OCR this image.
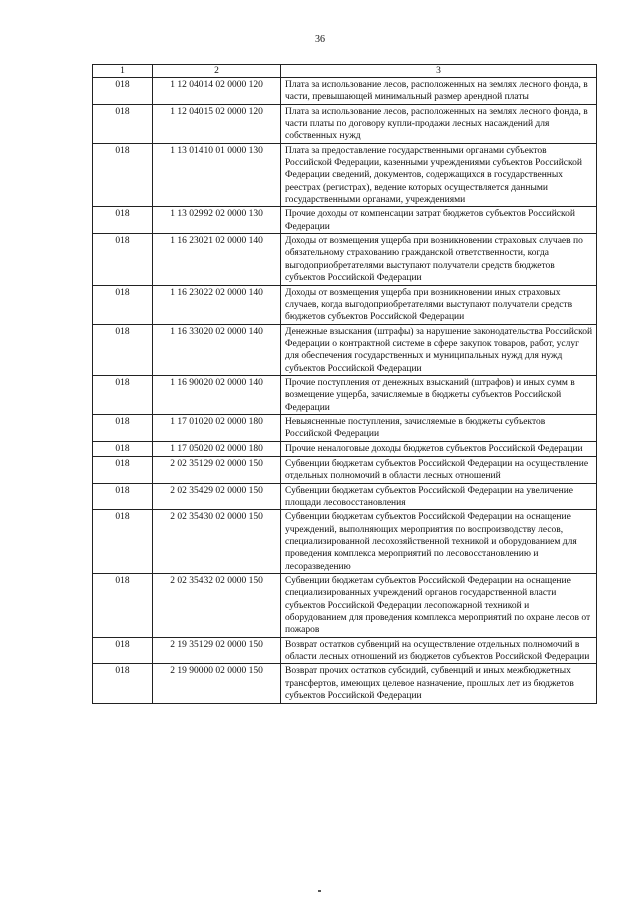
36
1	2	3
018	1 12 04014 02 0000 120	Плата за использование лесов, расположенных на землях лесного фонда, в части, превышающей минимальный размер арендной платы
018	1 12 04015 02 0000 120	Плата за использование лесов, расположенных на землях лесного фонда, в части платы по договору купли-продажи лесных насаждений для собственных нужд
018	1 13 01410 01 0000 130	Плата за предоставление государственными органами субъектов Российской Федерации, казенными учреждениями субъектов Российской Федерации сведений, документов, содержащихся в государственных реестрах (регистрах), ведение которых осуществляется данными государственными органами, учреждениями
018	1 13 02992 02 0000 130	Прочие доходы от компенсации затрат бюджетов субъектов Российской Федерации
018	1 16 23021 02 0000 140	Доходы от возмещения ущерба при возникновении страховых случаев по обязательному страхованию гражданской ответственности, когда выгодоприобретателями выступают получатели средств бюджетов субъектов Российской Федерации
018	1 16 23022 02 0000 140	Доходы от возмещения ущерба при возникновении иных страховых случаев, когда выгодоприобретателями выступают получатели средств бюджетов субъектов Российской Федерации
018	1 16 33020 02 0000 140	Денежные взыскания (штрафы) за нарушение законодательства Российской Федерации о контрактной системе в сфере закупок товаров, работ, услуг для обеспечения государственных и муниципальных нужд для нужд субъектов Российской Федерации
018	1 16 90020 02 0000 140	Прочие поступления от денежных взысканий (штрафов) и иных сумм в возмещение ущерба, зачисляемые в бюджеты субъектов Российской Федерации
018	1 17 01020 02 0000 180	Невыясненные поступления, зачисляемые в бюджеты субъектов Российской Федерации
018	1 17 05020 02 0000 180	Прочие неналоговые доходы бюджетов субъектов Российской Федерации
018	2 02 35129 02 0000 150	Субвенции бюджетам субъектов Российской Федерации на осуществление отдельных полномочий в области лесных отношений
018	2 02 35429 02 0000 150	Субвенции бюджетам субъектов Российской Федерации на увеличение площади лесовосстановления
018	2 02 35430 02 0000 150	Субвенции бюджетам субъектов Российской Федерации на оснащение учреждений, выполняющих мероприятия по воспроизводству лесов, специализированной лесохозяйственной техникой и оборудованием для проведения комплекса мероприятий по лесовосстановлению и лесоразведению
018	2 02 35432 02 0000 150	Субвенции бюджетам субъектов Российской Федерации на оснащение специализированных учреждений органов государственной власти субъектов Российской Федерации лесопожарной техникой и оборудованием для проведения комплекса мероприятий по охране лесов от пожаров
018	2 19 35129 02 0000 150	Возврат остатков субвенций на осуществление отдельных полномочий в области лесных отношений из бюджетов субъектов Российской Федерации
018	2 19 90000 02 0000 150	Возврат прочих остатков субсидий, субвенций и иных межбюджетных трансфертов, имеющих целевое назначение, прошлых лет из бюджетов субъектов Российской Федерации
